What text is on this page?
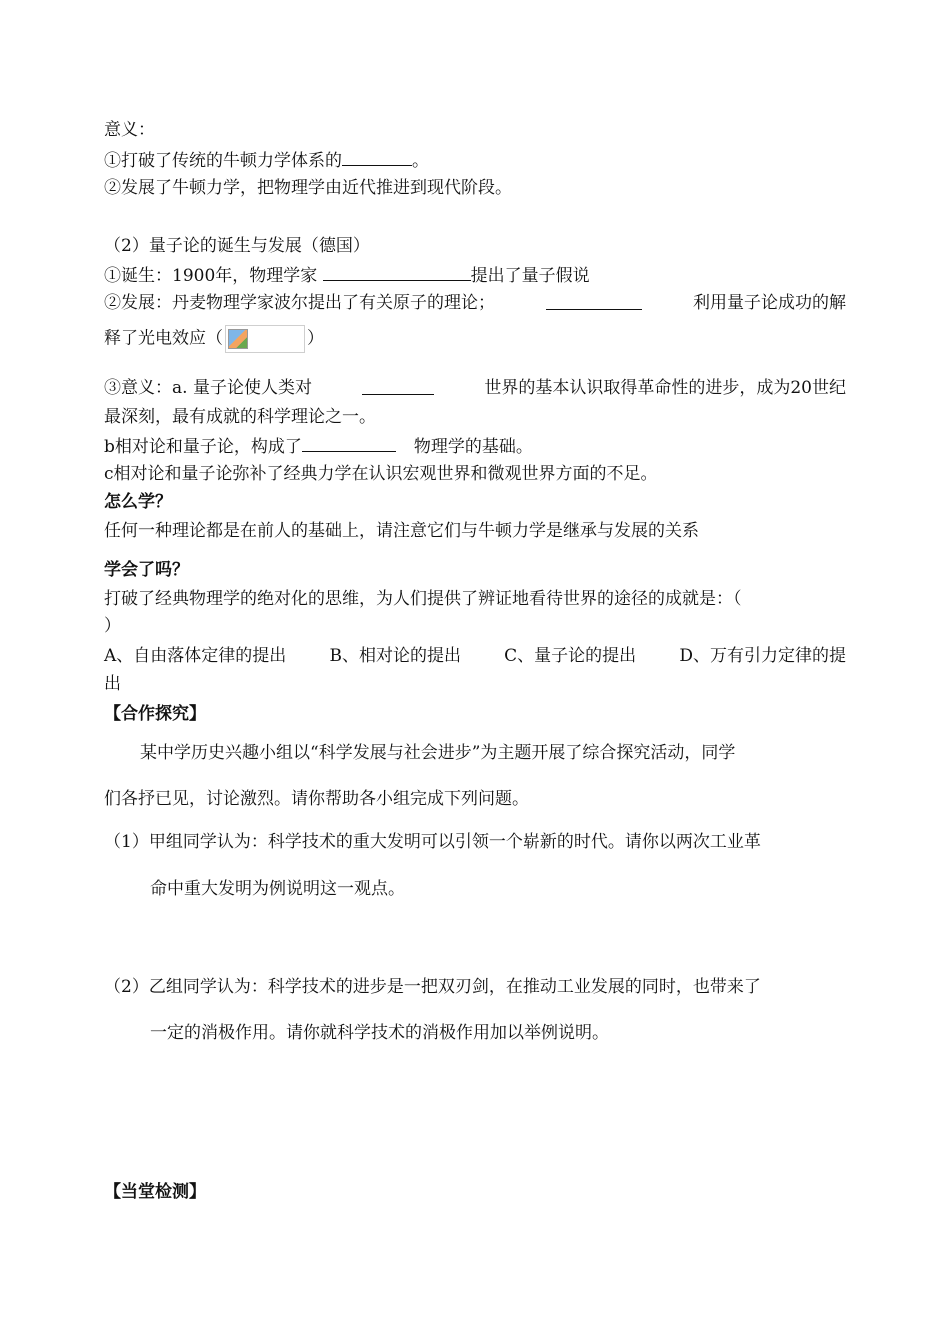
意义：
①打破了传统的牛顿力学体系的	。
②发展了牛顿力学，把物理学由近代推进到现代阶段。
（2）量子论的诞生与发展（德国）
①诞生：1900年，物理学家	提出了量子假说
②发展：丹麦物理学家波尔提出了有关原子的理论；	利用量子论成功的解
释了光电效应（	）
③意义：a. 量子论使人类对	世界的基本认识取得革命性的进步，成为20世纪
最深刻，最有成就的科学理论之一。
b相对论和量子论，构成了	物理学的基础。
c相对论和量子论弥补了经典力学在认识宏观世界和微观世界方面的不足。
怎么学？
任何一种理论都是在前人的基础上，请注意它们与牛顿力学是继承与发展的关系
学会了吗？
打破了经典物理学的绝对化的思维，为人们提供了辨证地看待世界的途径的成就是：（
）
A、自由落体定律的提出	B、相对论的提出	C、量子论的提出	D、万有引力定律的提
出
【合作探究】
某中学历史兴趣小组以“科学发展与社会进步”为主题开展了综合探究活动，同学
们各抒已见，讨论激烈。请你帮助各小组完成下列问题。
（1）甲组同学认为：科学技术的重大发明可以引领一个崭新的时代。请你以两次工业革
命中重大发明为例说明这一观点。
（2）乙组同学认为：科学技术的进步是一把双刃剑，在推动工业发展的同时，也带来了
一定的消极作用。请你就科学技术的消极作用加以举例说明。
【当堂检测】
